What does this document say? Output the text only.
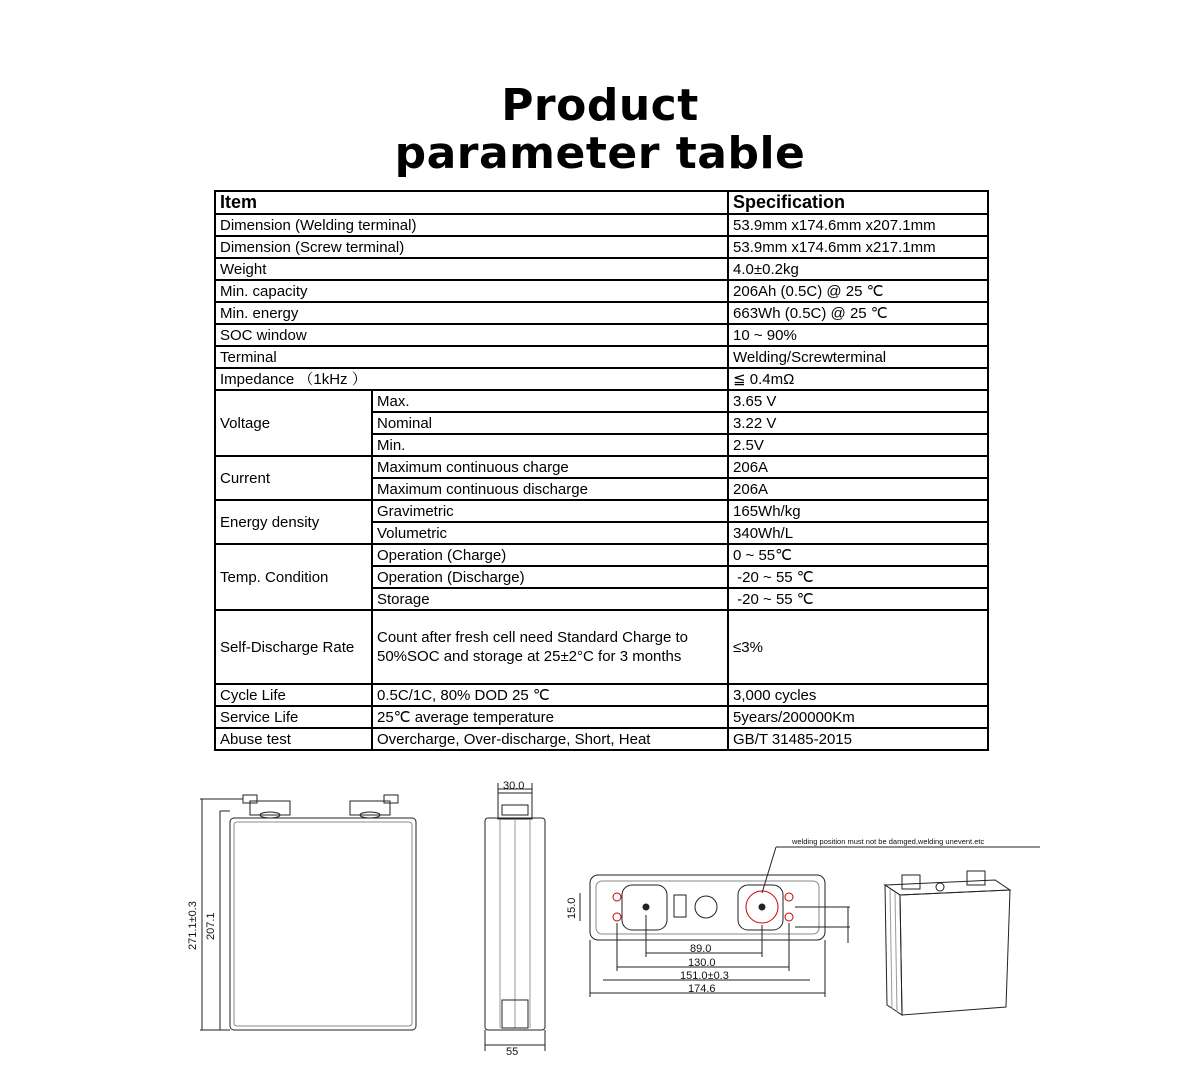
Product
parameter table
Item		Specification
Dimension (Welding terminal)		53.9mm x174.6mm x207.1mm
Dimension (Screw terminal)		53.9mm x174.6mm x217.1mm
Weight		4.0±0.2kg
Min. capacity		206Ah (0.5C) @ 25 ℃
Min. energy		663Wh (0.5C) @ 25 ℃
SOC window		10 ~ 90%
Terminal		Welding/Screwterminal
Impedance （1kHz ）		≦ 0.4mΩ
Voltage	Max.	3.65 V
	Nominal	3.22 V
	Min.	2.5V
Current	Maximum continuous charge	206A
	Maximum continuous discharge	206A
Energy density	Gravimetric	165Wh/kg
	Volumetric	340Wh/L
Temp. Condition	Operation (Charge)	0 ~ 55℃
	Operation (Discharge)	-20 ~ 55 ℃
	Storage	-20 ~ 55 ℃
Self-Discharge Rate	Count after fresh cell need Standard Charge to 50%SOC and storage at 25±2°C for 3 months	≤3%
Cycle Life	0.5C/1C, 80% DOD 25 ℃	3,000 cycles
Service Life	25℃ average temperature	5years/200000Km
Abuse test	Overcharge, Over-discharge, Short, Heat	GB/T 31485-2015
271.1±0.3 207.1
30.0
55
welding position must not be damged,welding unevent.etc
15.0
89.0
130.0
151.0±0.3
174.6
